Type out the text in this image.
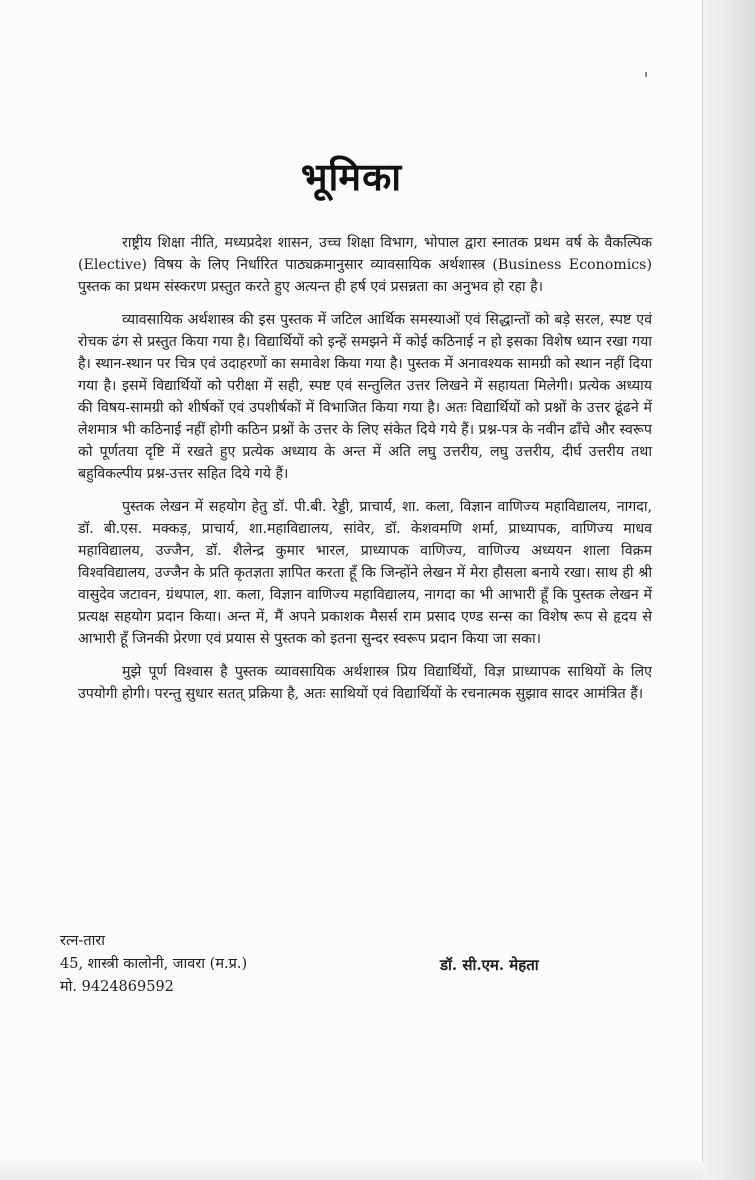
भूमिका

राष्ट्रीय शिक्षा नीति, मध्यप्रदेश शासन, उच्च शिक्षा विभाग, भोपाल द्वारा स्नातक प्रथम वर्ष के वैकल्पिक (Elective) विषय के लिए निर्धारित पाठ्यक्रमानुसार व्यावसायिक अर्थशास्त्र (Business Economics) पुस्तक का प्रथम संस्करण प्रस्तुत करते हुए अत्यन्त ही हर्ष एवं प्रसन्नता का अनुभव हो रहा है।

व्यावसायिक अर्थशास्त्र की इस पुस्तक में जटिल आर्थिक समस्याओं एवं सिद्धान्तों को बड़े सरल, स्पष्ट एवं रोचक ढंग से प्रस्तुत किया गया है। विद्यार्थियों को इन्हें समझने में कोई कठिनाई न हो इसका विशेष ध्यान रखा गया है। स्थान-स्थान पर चित्र एवं उदाहरणों का समावेश किया गया है। पुस्तक में अनावश्यक सामग्री को स्थान नहीं दिया गया है। इसमें विद्यार्थियों को परीक्षा में सही, स्पष्ट एवं सन्तुलित उत्तर लिखने में सहायता मिलेगी। प्रत्येक अध्याय की विषय-सामग्री को शीर्षकों एवं उपशीर्षकों में विभाजित किया गया है। अतः विद्यार्थियों को प्रश्नों के उत्तर ढूंढने में लेशमात्र भी कठिनाई नहीं होगी कठिन प्रश्नों के उत्तर के लिए संकेत दिये गये हैं। प्रश्न-पत्र के नवीन ढाँचे और स्वरूप को पूर्णतया दृष्टि में रखते हुए प्रत्येक अध्याय के अन्त में अति लघु उत्तरीय, लघु उत्तरीय, दीर्घ उत्तरीय तथा बहुविकल्पीय प्रश्न-उत्तर सहित दिये गये हैं।

पुस्तक लेखन में सहयोग हेतु डॉ. पी.बी. रेड्डी, प्राचार्य, शा. कला, विज्ञान वाणिज्य महाविद्यालय, नागदा, डॉ. बी.एस. मक्कड़, प्राचार्य, शा.महाविद्यालय, सांवेर, डॉ. केशवमणि शर्मा, प्राध्यापक, वाणिज्य माधव महाविद्यालय, उज्जैन, डॉ. शैलेन्द्र कुमार भारल, प्राध्यापक वाणिज्य, वाणिज्य अध्ययन शाला विक्रम विश्वविद्यालय, उज्जैन के प्रति कृतज्ञता ज्ञापित करता हूँ कि जिन्होंने लेखन में मेरा हौसला बनाये रखा। साथ ही श्री वासुदेव जटावन, ग्रंथपाल, शा. कला, विज्ञान वाणिज्य महाविद्यालय, नागदा का भी आभारी हूँ कि पुस्तक लेखन में प्रत्यक्ष सहयोग प्रदान किया। अन्त में, मैं अपने प्रकाशक मैसर्स राम प्रसाद एण्ड सन्स का विशेष रूप से हृदय से आभारी हूँ जिनकी प्रेरणा एवं प्रयास से पुस्तक को इतना सुन्दर स्वरूप प्रदान किया जा सका।

मुझे पूर्ण विश्वास है पुस्तक व्यावसायिक अर्थशास्त्र प्रिय विद्यार्थियों, विज्ञ प्राध्यापक साथियों के लिए उपयोगी होगी। परन्तु सुधार सतत् प्रक्रिया है, अतः साथियों एवं विद्यार्थियों के रचनात्मक सुझाव सादर आमंत्रित हैं।

रत्न-तारा
45, शास्त्री कालोनी, जावरा (म.प्र.)
मो. 9424869592
डॉ. सी.एम. मेहता
